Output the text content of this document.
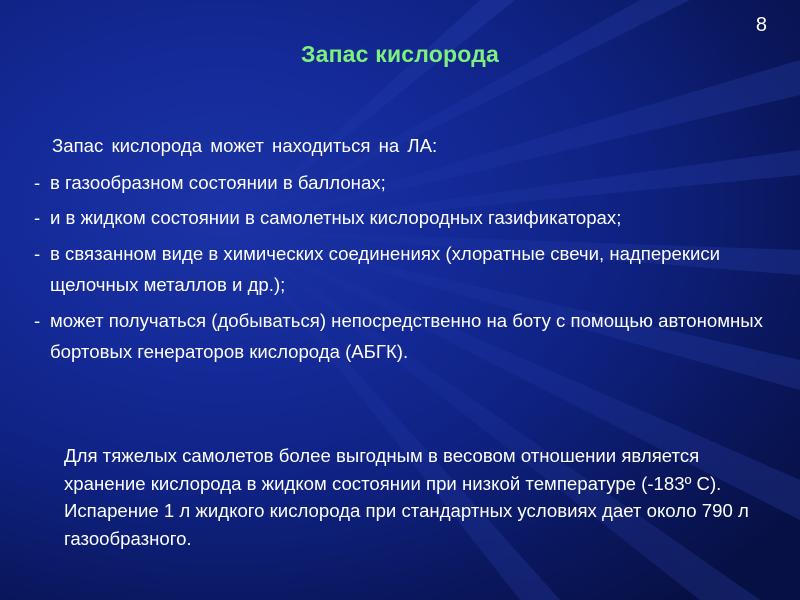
8
Запас кислорода

Запас кислорода может находиться на ЛА:

- в газообразном состоянии в баллонах;
- и в жидком состоянии в самолетных кислородных газификаторах;
- в связанном виде в химических соединениях (хлоратные свечи, надперекиси щелочных металлов и др.);
- может получаться (добываться) непосредственно на боту с помощью автономных бортовых генераторов кислорода (АБГК).
Для тяжелых самолетов более выгодным в весовом отношении является хранение кислорода в жидком состоянии при низкой температуре (-183º С). Испарение 1 л жидкого кислорода при стандартных условиях дает около 790 л газообразного.
